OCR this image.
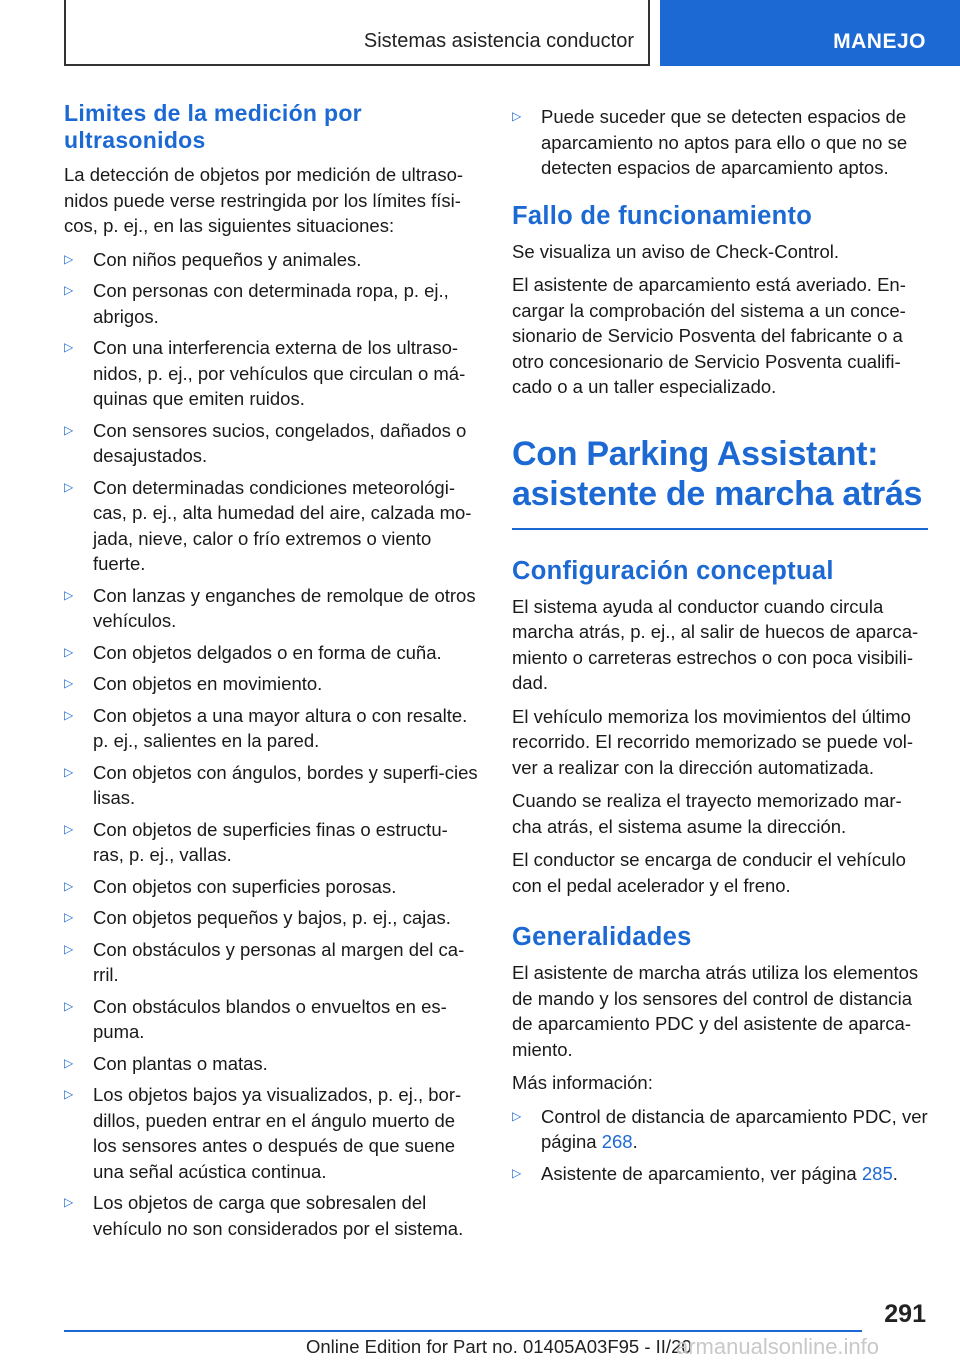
Sistemas asistencia conductor	MANEJO
Limites de la medición por ultrasonidos

La detección de objetos por medición de ultraso‐nidos puede verse restringida por los límites físi‐cos, p. ej., en las siguientes situaciones:

▷ Con niños pequeños y animales.
▷ Con personas con determinada ropa, p. ej., abrigos.
▷ Con una interferencia externa de los ultraso‐nidos, p. ej., por vehículos que circulan o má‐quinas que emiten ruidos.
▷ Con sensores sucios, congelados, dañados o desajustados.
▷ Con determinadas condiciones meteorológi‐cas, p. ej., alta humedad del aire, calzada mo‐jada, nieve, calor o frío extremos o viento fuerte.
▷ Con lanzas y enganches de remolque de otros vehículos.
▷ Con objetos delgados o en forma de cuña.
▷ Con objetos en movimiento.
▷ Con objetos a una mayor altura o con resalte. p. ej., salientes en la pared.
▷ Con objetos con ángulos, bordes y superfi‐cies lisas.
▷ Con objetos de superficies finas o estructu‐ras, p. ej., vallas.
▷ Con objetos con superficies porosas.
▷ Con objetos pequeños y bajos, p. ej., cajas.
▷ Con obstáculos y personas al margen del ca‐rril.
▷ Con obstáculos blandos o envueltos en es‐puma.
▷ Con plantas o matas.
▷ Los objetos bajos ya visualizados, p. ej., bor‐dillos, pueden entrar en el ángulo muerto de los sensores antes o después de que suene una señal acústica continua.
▷ Los objetos de carga que sobresalen del vehículo no son considerados por el sistema.
▷ Puede suceder que se detecten espacios de aparcamiento no aptos para ello o que no se detecten espacios de aparcamiento aptos.
Fallo de funcionamiento

Se visualiza un aviso de Check-Control.

El asistente de aparcamiento está averiado. En‐cargar la comprobación del sistema a un conce‐sionario de Servicio Posventa del fabricante o a otro concesionario de Servicio Posventa cualifi‐cado o a un taller especializado.

Con Parking Assistant: asistente de marcha atrás
Configuración conceptual

El sistema ayuda al conductor cuando circula marcha atrás, p. ej., al salir de huecos de aparca‐miento o carreteras estrechos o con poca visibili‐dad.

El vehículo memoriza los movimientos del último recorrido. El recorrido memorizado se puede vol‐ver a realizar con la dirección automatizada.

Cuando se realiza el trayecto memorizado mar‐cha atrás, el sistema asume la dirección.

El conductor se encarga de conducir el vehículo con el pedal acelerador y el freno.

Generalidades

El asistente de marcha atrás utiliza los elementos de mando y los sensores del control de distancia de aparcamiento PDC y del asistente de aparca‐miento.

Más información:

▷ Control de distancia de aparcamiento PDC, ver página 268.
▷ Asistente de aparcamiento, ver página 285.
291
Online Edition for Part no. 01405A03F95 - II/20
armanualsonline.info
